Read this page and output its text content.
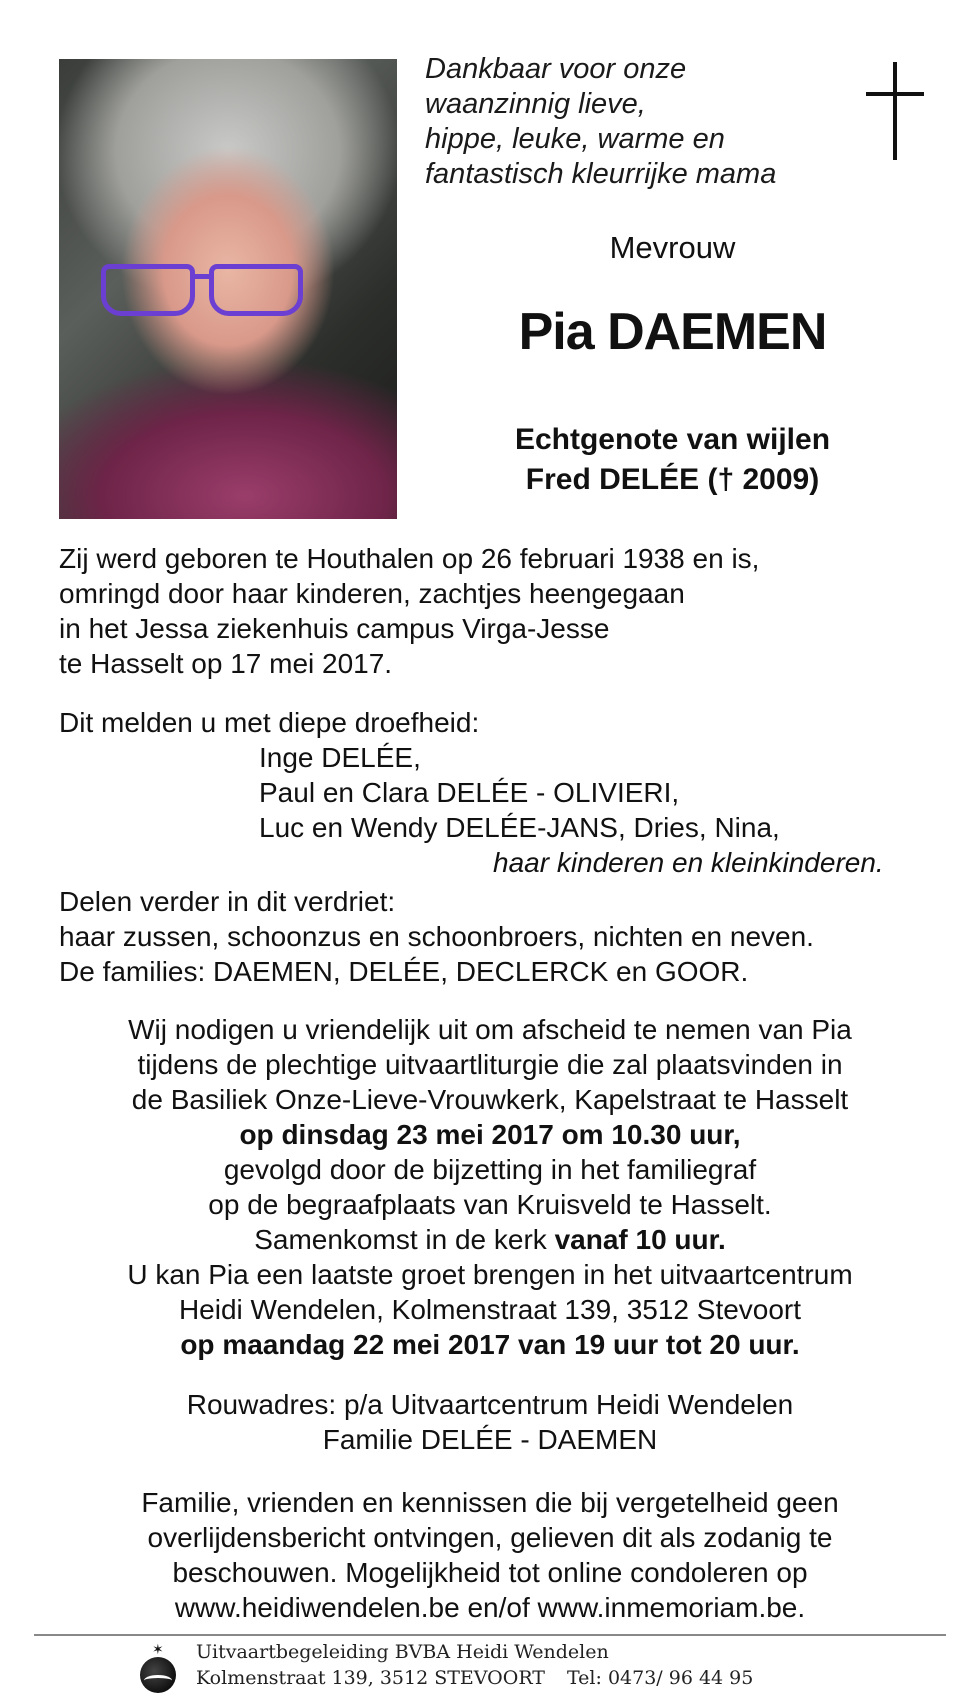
Dankbaar voor onze
waanzinnig lieve,
hippe, leuke, warme en
fantastisch kleurrijke mama
Mevrouw
Pia DAEMEN
Echtgenote van wijlen
Fred DELÉE († 2009)
Zij werd geboren te Houthalen op 26 februari 1938 en is,
omringd door haar kinderen, zachtjes heengegaan
in het Jessa ziekenhuis campus Virga-Jesse
te Hasselt op 17 mei 2017.
Dit melden u met diepe droefheid:
Inge DELÉE,
Paul en Clara DELÉE - OLIVIERI,
Luc en Wendy DELÉE-JANS, Dries, Nina,
haar kinderen en kleinkinderen.
Delen verder in dit verdriet:
haar zussen, schoonzus en schoonbroers, nichten en neven.
De families: DAEMEN, DELÉE, DECLERCK en GOOR.
Wij nodigen u vriendelijk uit om afscheid te nemen van Pia
tijdens de plechtige uitvaartliturgie die zal plaatsvinden in
de Basiliek Onze-Lieve-Vrouwkerk, Kapelstraat te Hasselt
op dinsdag 23 mei 2017 om 10.30 uur,
gevolgd door de bijzetting in het familiegraf
op de begraafplaats van Kruisveld te Hasselt.
Samenkomst in de kerk vanaf 10 uur.
U kan Pia een laatste groet brengen in het uitvaartcentrum
Heidi Wendelen, Kolmenstraat 139, 3512 Stevoort
op maandag 22 mei 2017 van 19 uur tot 20 uur.
Rouwadres: p/a Uitvaartcentrum Heidi Wendelen
Familie DELÉE - DAEMEN
Familie, vrienden en kennissen die bij vergetelheid geen
overlijdensbericht ontvingen, gelieven dit als zodanig te
beschouwen. Mogelijkheid tot online condoleren op
www.heidiwendelen.be en/of www.inmemoriam.be.
✶ Uitvaartbegeleiding BVBA Heidi Wendelen
Kolmenstraat 139, 3512 STEVOORT Tel: 0473/ 96 44 95
